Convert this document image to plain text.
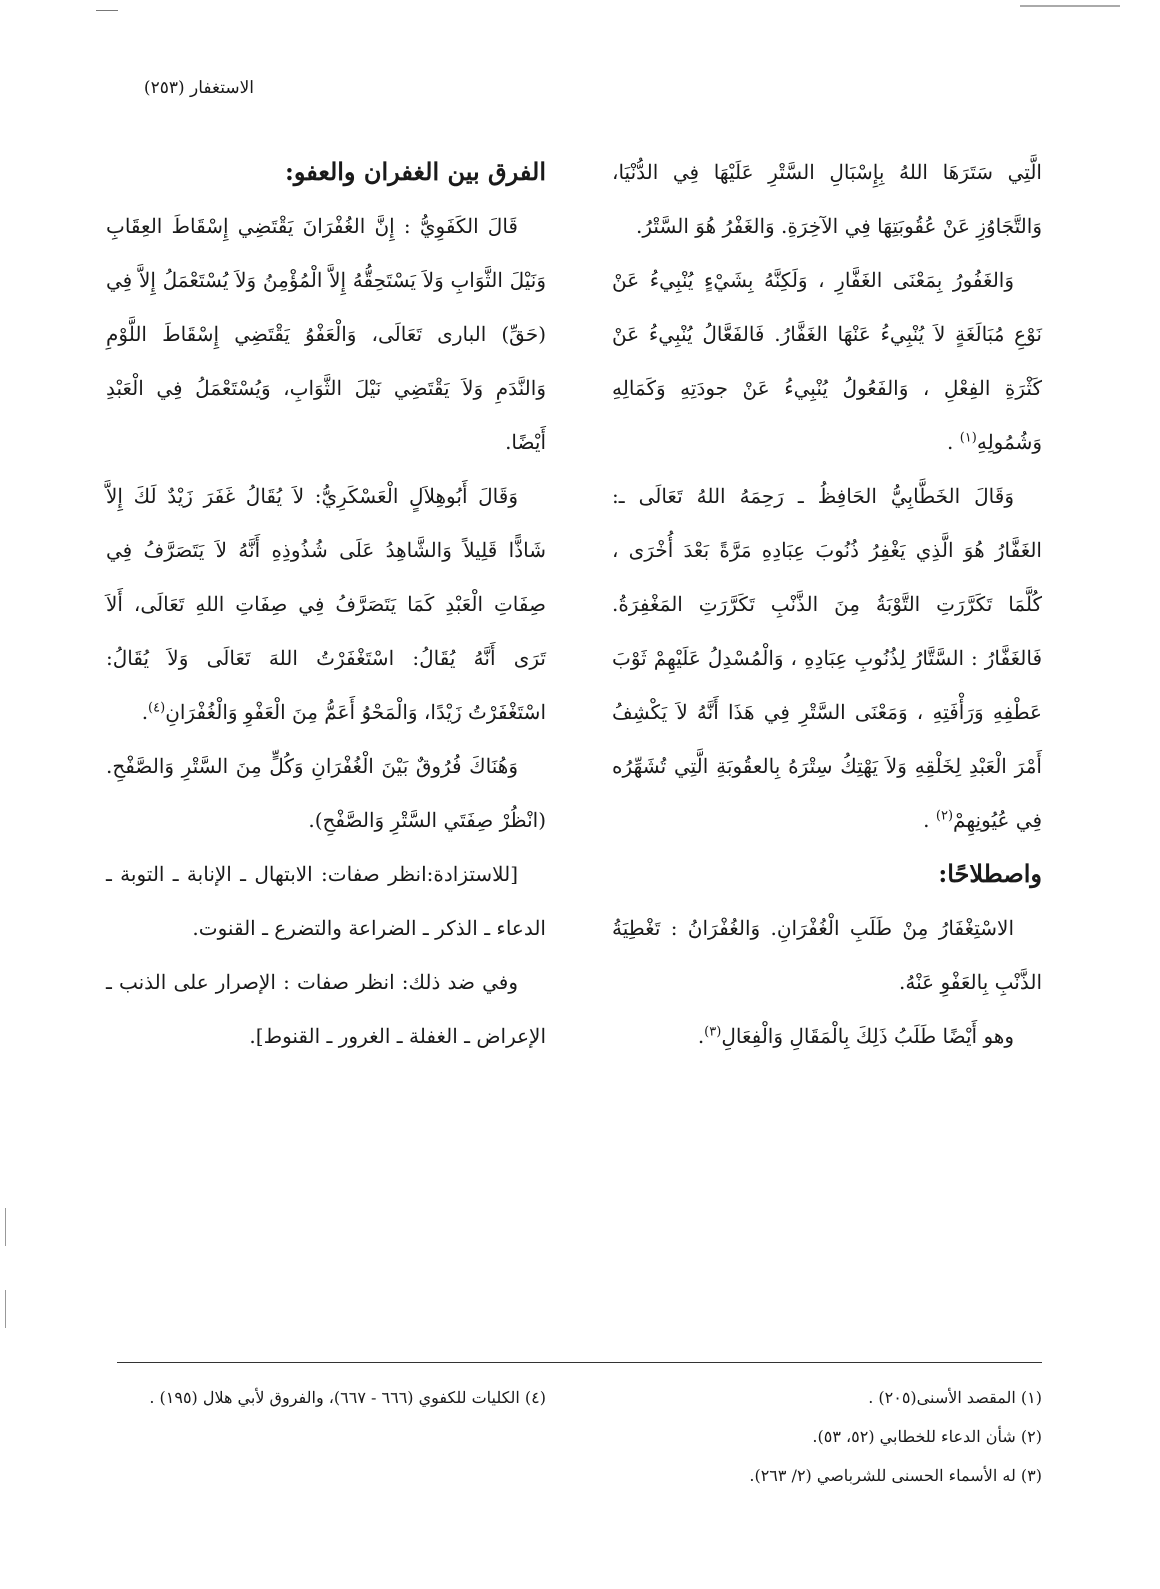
الاستغفار (٢٥٣)

الَّتِي سَتَرَهَا اللهُ بِإِسْبَالِ السَّتْرِ عَلَيْهَا فِي الدُّنْيَا، وَالتَّجَاوُزِ عَنْ عُقُوبَتِهَا فِي الآخِرَةِ. وَالغَفْرُ هُوَ السَّتْرُ.

وَالغَفُورُ بِمَعْنَى الغَفَّارِ ، وَلَكِنَّهُ بِشَيْءٍ يُنْبِيءُ عَنْ نَوْعِ مُبَالَغَةٍ لاَ يُنْبِيءُ عَنْهَا الغَفَّارُ. فَالفَعَّالُ يُنْبِيءُ عَنْ كَثْرَةِ الفِعْلِ ، وَالفَعُولُ يُنْبِيءُ عَنْ جودَتِهِ وَكَمَالِهِ وَشُمُولِهِ$^{(١)}$ .

وَقَالَ الخَطَّابِيُّ الحَافِظُ ـ رَحِمَهُ اللهُ تَعَالَى ـ: الغَفَّارُ هُوَ الَّذِي يَغْفِرُ ذُنُوبَ عِبَادِهِ مَرَّةً بَعْدَ أُخْرَى ، كُلَّمَا تَكَرَّرَتِ التَّوْبَةُ مِنَ الذَّنْبِ تَكَرَّرَتِ المَغْفِرَةُ. فَالغَفَّارُ : السَّتَّارُ لِذُنُوبِ عِبَادِهِ ، وَالْمُسْدِلُ عَلَيْهِمْ ثَوْبَ عَطْفِهِ وَرَأْفَتِهِ ، وَمَعْنَى السَّتْرِ فِي هَذَا أَنَّهُ لاَ يَكْشِفُ أَمْرَ الْعَبْدِ لِخَلْقِهِ وَلاَ يَهْتِكُ سِتْرَهُ بِالعقُوبَةِ الَّتِي تُشَهِّرُه فِي عُيُونِهِمْ$^{(٢)}$ .

واصطلاحًا:

الاسْتِغْفَارُ مِنْ طَلَبِ الْغُفْرَانِ. وَالغُفْرَانُ : تَغْطِيَةُ الذَّنْبِ بِالعَفْوِ عَنْهُ.

وهو أَيْضًا طَلَبُ ذَلِكَ بِالْمَقَالِ وَالْفِعَالِ$^{(٣)}$.

الفرق بين الغفران والعفو:

قَالَ الكَفَوِيُّ : إِنَّ الغُفْرَانَ يَقْتَضِي إِسْقَاطَ العِقَابِ وَنَيْلَ الثَّوَابِ وَلاَ يَسْتَحِقُّهُ إِلاَّ الْمُؤْمِنُ وَلاَ يُسْتَعْمَلُ إِلاَّ فِي (حَقِّ) البارى تَعَالَى، وَالْعَفْوُ يَقْتَضِي إِسْقَاطَ اللَّوْمِ وَالنَّدَمِ وَلاَ يَقْتَضِي نَيْلَ الثَّوَابِ، وَيُسْتَعْمَلُ فِي الْعَبْدِ أَيْضًا.

وَقَالَ أَبُوهِلاَلٍ الْعَسْكَرِيُّ: لاَ يُقَالُ غَفَرَ زَيْدٌ لَكَ إِلاَّ شَاذًّا قَلِيلاً وَالشَّاهِدُ عَلَى شُذُوذِهِ أَنَّهُ لاَ يَتَصَرَّفُ فِي صِفَاتِ الْعَبْدِ كَمَا يَتَصَرَّفُ فِي صِفَاتِ اللهِ تَعَالَى، أَلاَ تَرَى أَنَّهُ يُقَالُ: اسْتَغْفَرْتُ اللهَ تَعَالَى وَلاَ يُقَالُ: اسْتَغْفَرْتُ زَيْدًا، وَالْمَحْوُ أَعَمُّ مِنَ الْعَفْوِ وَالْغُفْرَانِ$^{(٤)}$.

وَهُنَاكَ فُرُوقٌ بَيْنَ الْغُفْرَانِ وَكُلٍّ مِنَ السَّتْرِ وَالصَّفْحِ. (انْظُرْ صِفَتَي السَّتْرِ وَالصَّفْحِ).

[للاستزادة:انظر صفات: الابتهال ـ الإنابة ـ التوبة ـ الدعاء ـ الذكر ـ الضراعة والتضرع ـ القنوت.

وفي ضد ذلك: انظر صفات : الإصرار على الذنب ـ الإعراض ـ الغفلة ـ الغرور ـ القنوط].

(١) المقصد الأسنى(٢٠٥) .

(٢) شأن الدعاء للخطابي (٥٢، ٥٣).

(٣) له الأسماء الحسنى للشرباصي (٢/ ٢٦٣).

(٤) الكليات للكفوي (٦٦٦ - ٦٦٧)، والفروق لأبي هلال (١٩٥) .
